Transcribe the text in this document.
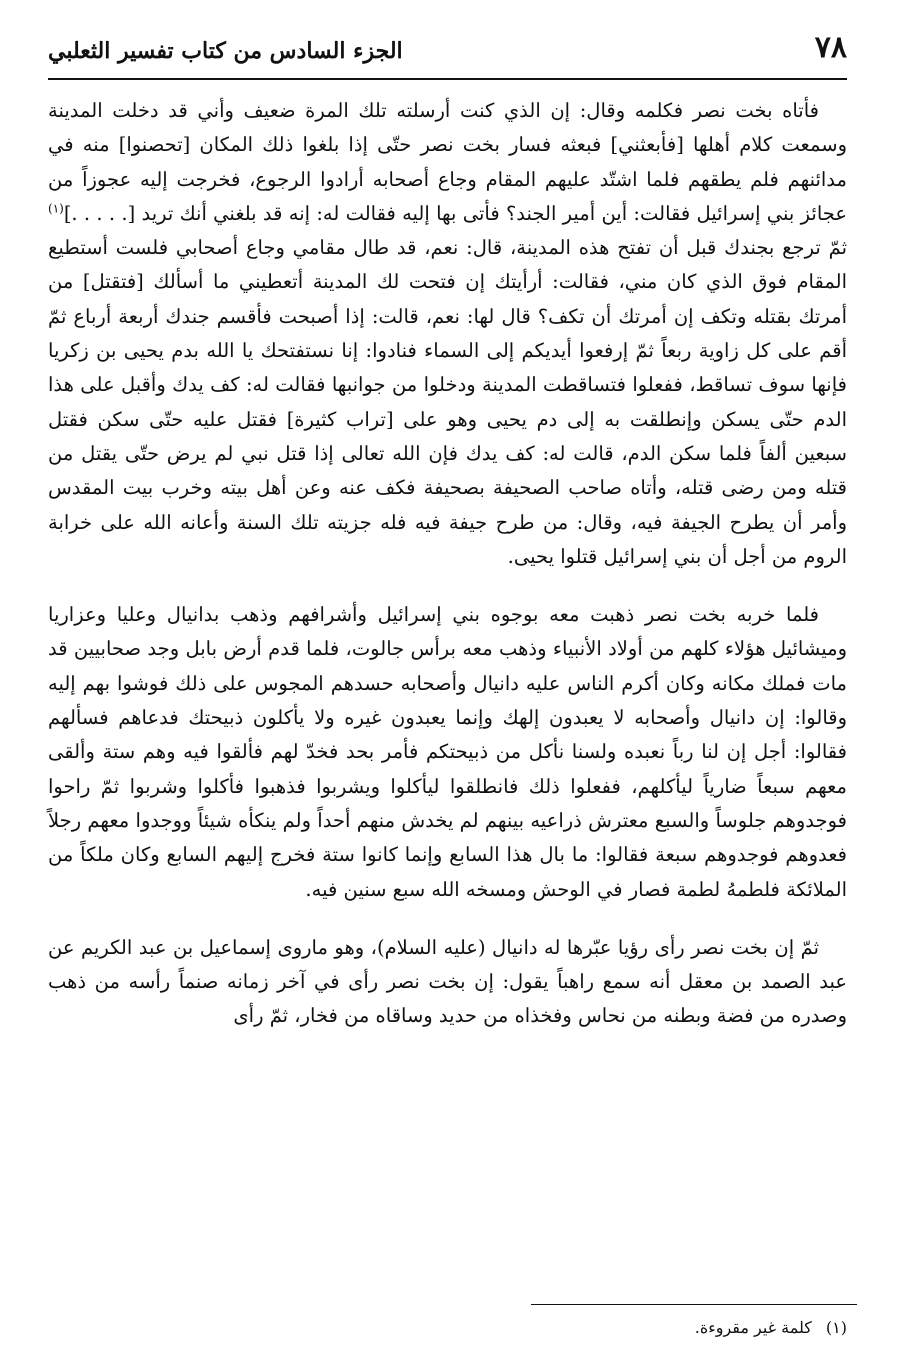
٧٨
الجزء السادس من كتاب تفسير الثعلبي

فأتاه بخت نصر فكلمه وقال: إن الذي كنت أرسلته تلك المرة ضعيف وأني قد دخلت المدينة وسمعت كلام أهلها [فأبعثني] فبعثه فسار بخت نصر حتّى إذا بلغوا ذلك المكان [تحصنوا] منه في مدائنهم فلم يطقهم فلما اشتّد عليهم المقام وجاع أصحابه أرادوا الرجوع، فخرجت إليه عجوزاً من عجائز بني إسرائيل فقالت: أين أمير الجند؟ فأتى بها إليه فقالت له: إنه قد بلغني أنك تريد [. . . . .]$^{(١)}$ ثمّ ترجع بجندك قبل أن تفتح هذه المدينة، قال: نعم، قد طال مقامي وجاع أصحابي فلست أستطيع المقام فوق الذي كان مني، فقالت: أرأيتك إن فتحت لك المدينة أتعطيني ما أسألك [فتقتل] من أمرتك بقتله وتكف إن أمرتك أن تكف؟ قال لها: نعم، قالت: إذا أصبحت فأقسم جندك أربعة أرباع ثمّ أقم على كل زاوية ربعاً ثمّ إرفعوا أيديكم إلى السماء فنادوا: إنا نستفتحك يا الله بدم يحيى بن زكريا فإنها سوف تساقط، ففعلوا فتساقطت المدينة ودخلوا من جوانبها فقالت له: كف يدك وأقبل على هذا الدم حتّى يسكن وإنطلقت به إلى دم يحيى وهو على [تراب كثيرة] فقتل عليه حتّى سكن فقتل سبعين ألفاً فلما سكن الدم، قالت له: كف يدك فإن الله تعالى إذا قتل نبي لم يرض حتّى يقتل من قتله ومن رضى قتله، وأتاه صاحب الصحيفة بصحيفة فكف عنه وعن أهل بيته وخرب بيت المقدس وأمر أن يطرح الجيفة فيه، وقال: من طرح جيفة فيه فله جزيته تلك السنة وأعانه الله على خرابة الروم من أجل أن بني إسرائيل قتلوا يحيى.

فلما خربه بخت نصر ذهبت معه بوجوه بني إسرائيل وأشرافهم وذهب بدانيال وعليا وعزاريا وميشائيل هؤلاء كلهم من أولاد الأنبياء وذهب معه برأس جالوت، فلما قدم أرض بابل وجد صحابيين قد مات فملك مكانه وكان أكرم الناس عليه دانيال وأصحابه حسدهم المجوس على ذلك فوشوا بهم إليه وقالوا: إن دانيال وأصحابه لا يعبدون إلهك وإنما يعبدون غيره ولا يأكلون ذبيحتك فدعاهم فسألهم فقالوا: أجل إن لنا رباً نعبده ولسنا نأكل من ذبيحتكم فأمر بحد فخدّ لهم فألقوا فيه وهم ستة وألقى معهم سبعاً ضارياً ليأكلهم، ففعلوا ذلك فانطلقوا ليأكلوا ويشربوا فذهبوا فأكلوا وشربوا ثمّ راحوا فوجدوهم جلوساً والسبع معترش ذراعيه بينهم لم يخدش منهم أحداً ولم ينكأه شيئاً ووجدوا معهم رجلاً فعدوهم فوجدوهم سبعة فقالوا: ما بال هذا السابع وإنما كانوا ستة فخرج إليهم السابع وكان ملكاً من الملائكة فلطمهُ لطمة فصار في الوحش ومسخه الله سبع سنين فيه.

ثمّ إن بخت نصر رأى رؤيا عبّرها له دانيال (عليه السلام)، وهو ماروى إسماعيل بن عبد الكريم عن عبد الصمد بن معقل أنه سمع راهباً يقول: إن بخت نصر رأى في آخر زمانه صنماً رأسه من ذهب وصدره من فضة وبطنه من نحاس وفخذاه من حديد وساقاه من فخار، ثمّ رأى

(١)كلمة غير مقروءة.
